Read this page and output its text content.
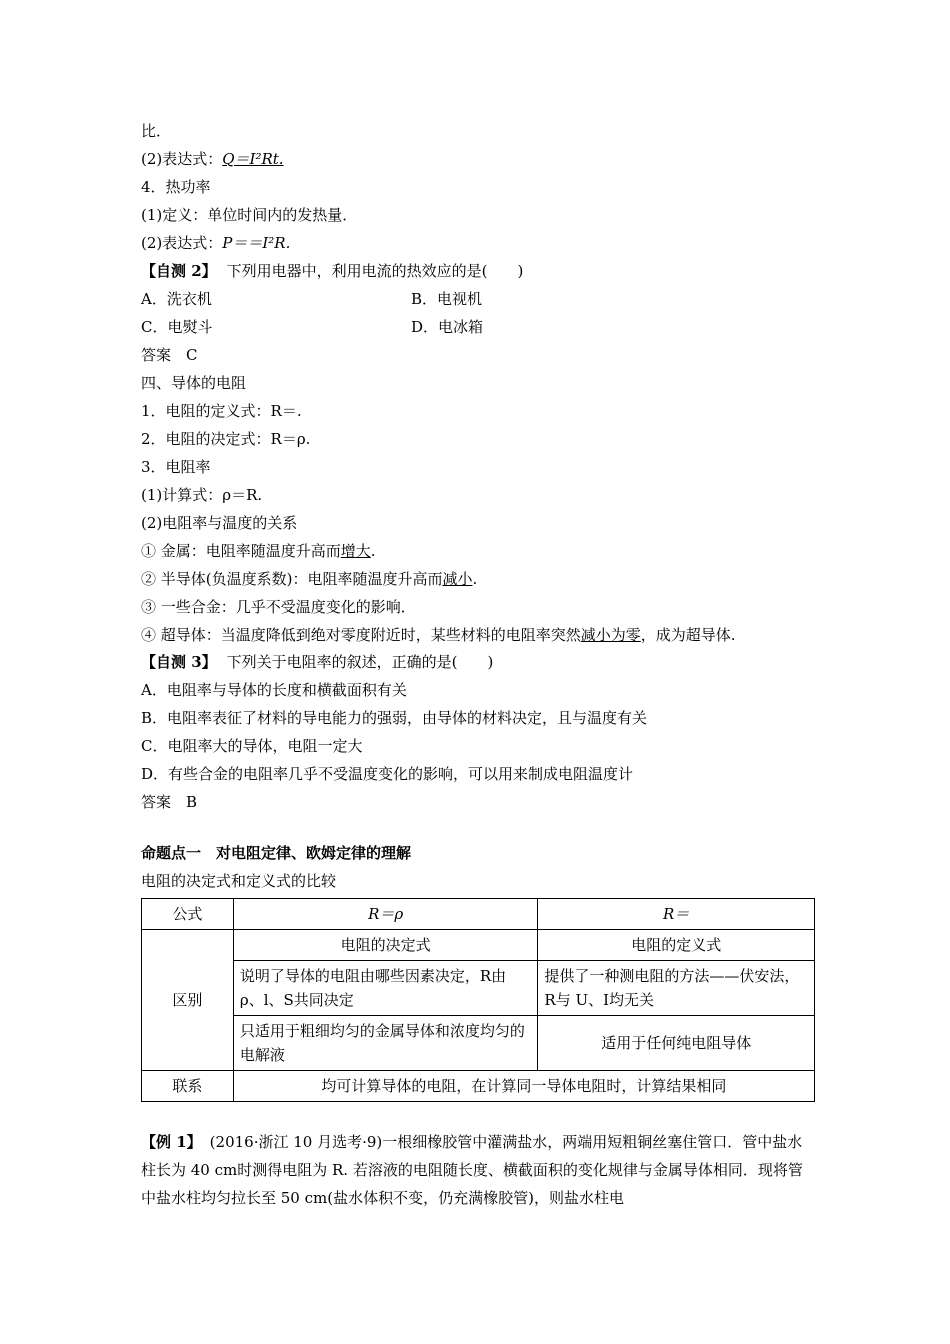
比．
(2)表达式：Q＝I²Rt.
4．热功率
(1)定义：单位时间内的发热量．
(2)表达式：P＝＝I²R.
【自测 2】 下列用电器中，利用电流的热效应的是(　　)
A．洗衣机	B．电视机
C．电熨斗	D．电冰箱
答案　C
四、导体的电阻
1．电阻的定义式：R＝.
2．电阻的决定式：R＝ρ.
3．电阻率
(1)计算式：ρ＝R.
(2)电阻率与温度的关系
① 金属：电阻率随温度升高而增大.
② 半导体(负温度系数)：电阻率随温度升高而减小.
③ 一些合金：几乎不受温度变化的影响．
④ 超导体：当温度降低到绝对零度附近时，某些材料的电阻率突然减小为零，成为超导体.
【自测 3】 下列关于电阻率的叙述，正确的是(　　)
A．电阻率与导体的长度和横截面积有关
B．电阻率表征了材料的导电能力的强弱，由导体的材料决定，且与温度有关
C．电阻率大的导体，电阻一定大
D．有些合金的电阻率几乎不受温度变化的影响，可以用来制成电阻温度计
答案　B
命题点一　对电阻定律、欧姆定律的理解
电阻的决定式和定义式的比较
公式	R＝ρ	R＝
区别	电阻的决定式	电阻的定义式
	说明了导体的电阻由哪些因素决定，R由 ρ、l、S共同决定	提供了一种测电阻的方法——伏安法，R与 U、I均无关
	只适用于粗细均匀的金属导体和浓度均匀的电解液	适用于任何纯电阻导体
联系	均可计算导体的电阻，在计算同一导体电阻时，计算结果相同	
【例 1】 (2016·浙江 10 月选考·9)一根细橡胶管中灌满盐水，两端用短粗铜丝塞住管口．管中盐水柱长为 40 cm时测得电阻为 R. 若溶液的电阻随长度、横截面积的变化规律与金属导体相同．现将管中盐水柱均匀拉长至 50 cm(盐水体积不变，仍充满橡胶管)，则盐水柱电
